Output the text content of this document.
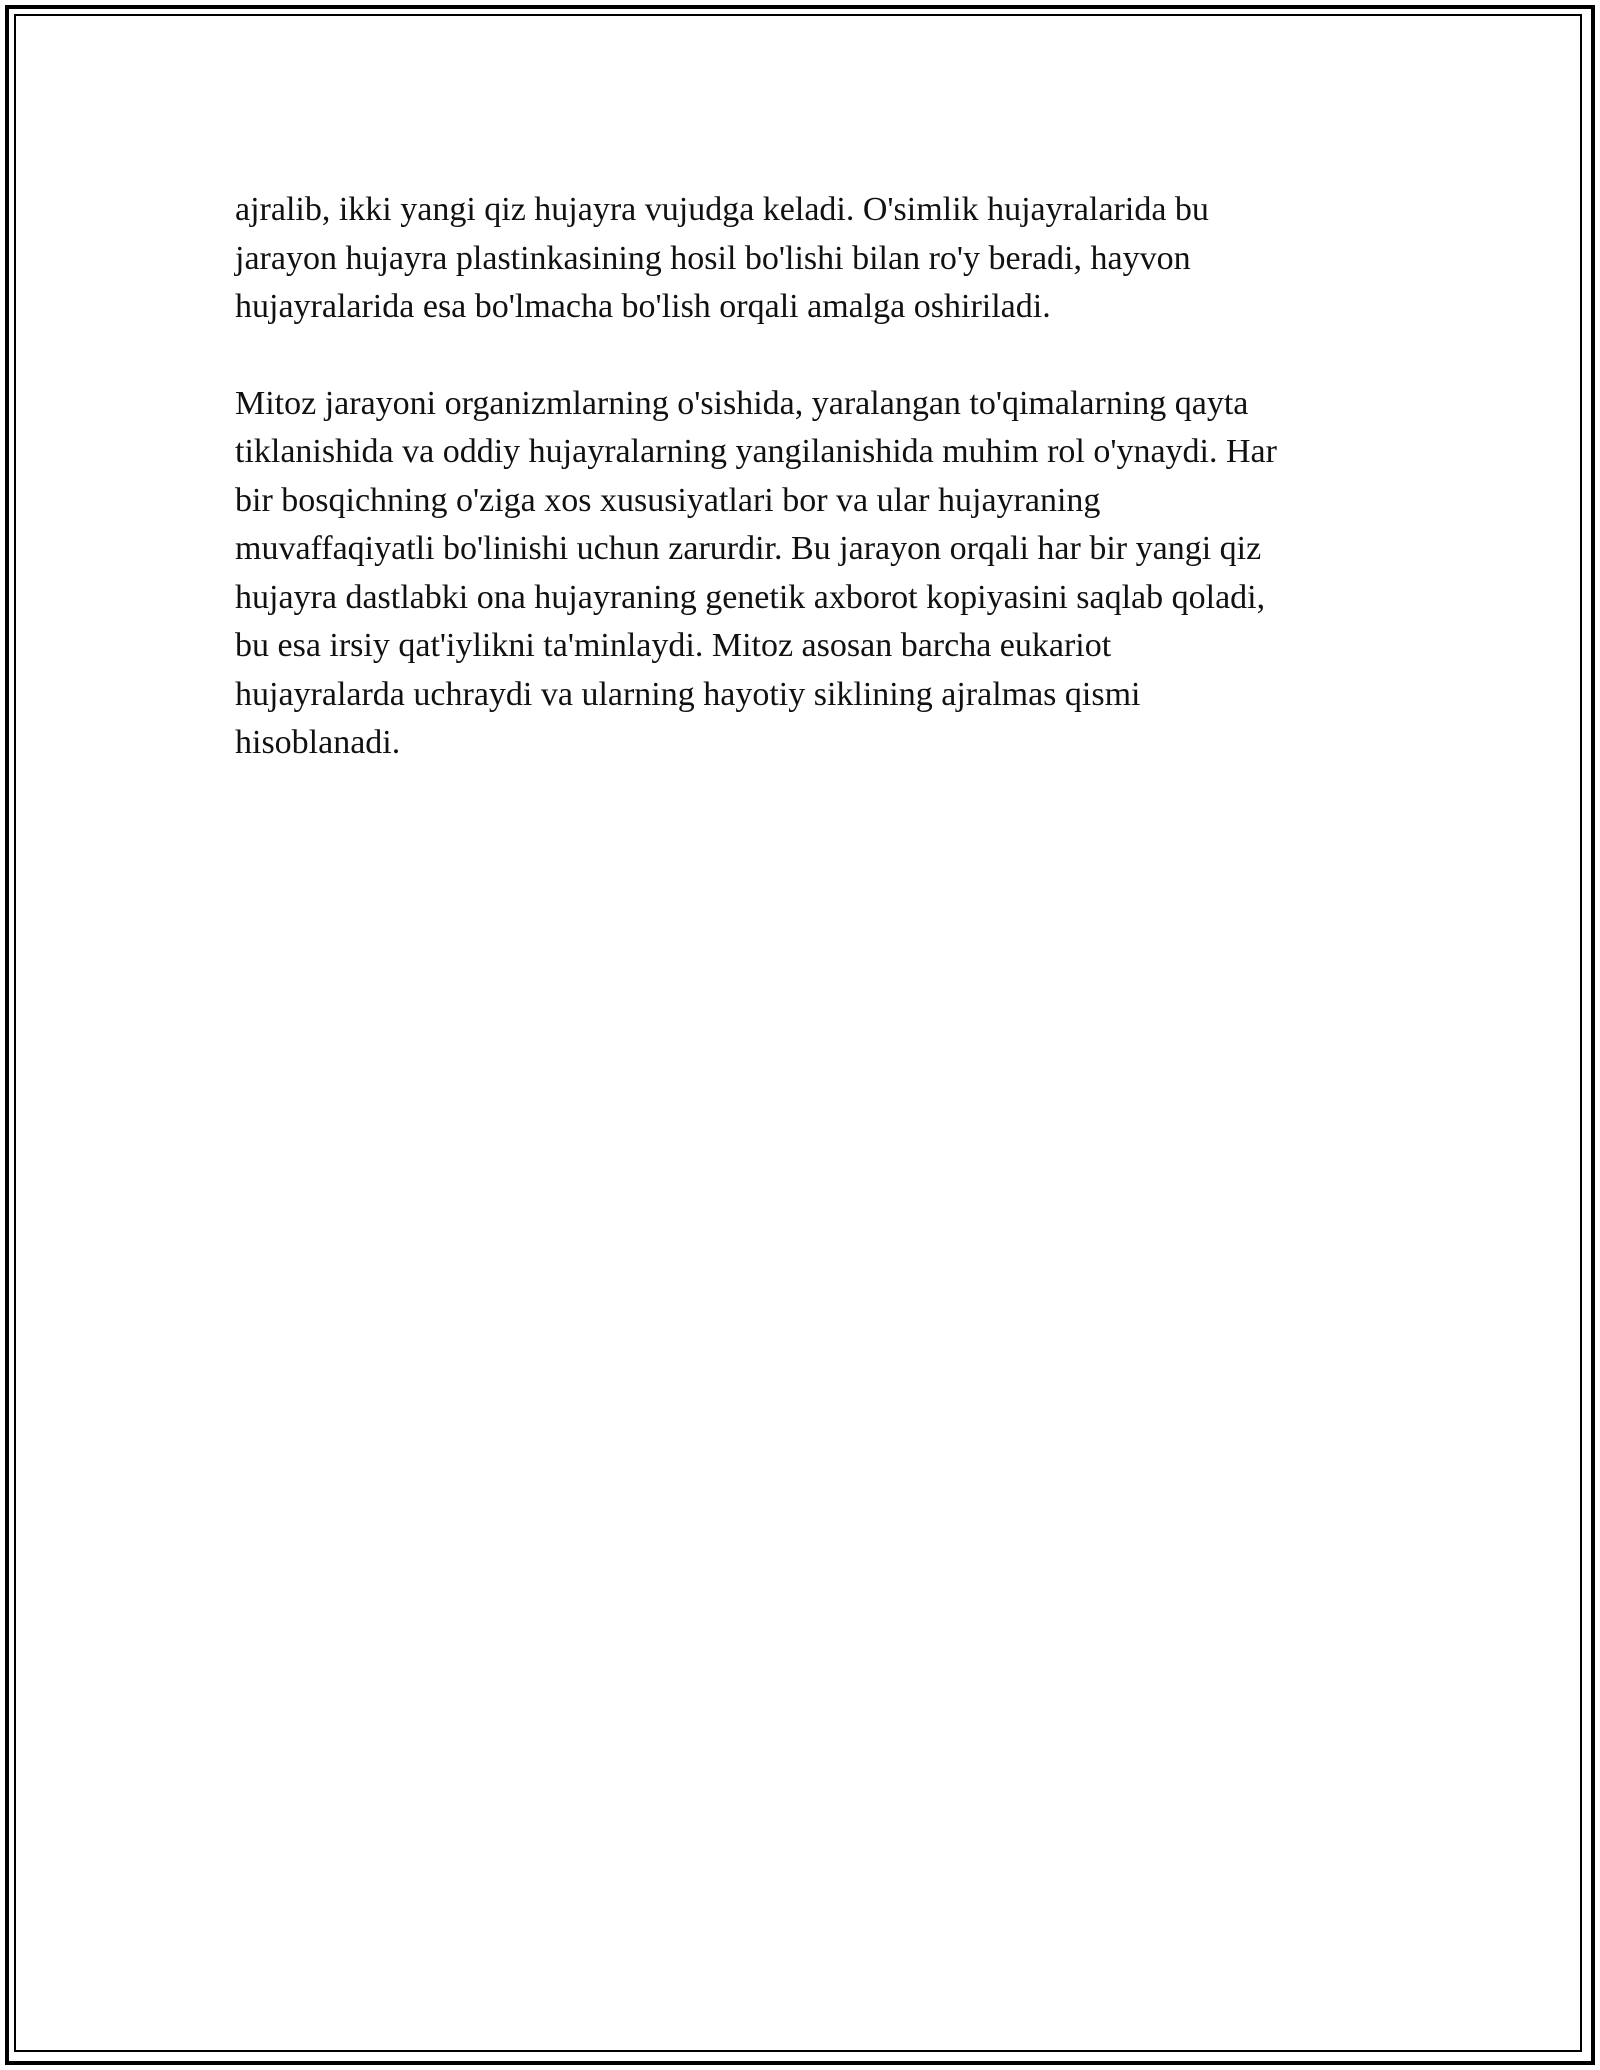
ajralib, ikki yangi qiz hujayra vujudga keladi. O'simlik hujayralarida bu
jarayon hujayra plastinkasining hosil bo'lishi bilan ro'y beradi, hayvon
hujayralarida esa bo'lmacha bo'lish orqali amalga oshiriladi.

Mitoz jarayoni organizmlarning o'sishida, yaralangan to'qimalarning qayta
tiklanishida va oddiy hujayralarning yangilanishida muhim rol o'ynaydi. Har
bir bosqichning o'ziga xos xususiyatlari bor va ular hujayraning
muvaffaqiyatli bo'linishi uchun zarurdir. Bu jarayon orqali har bir yangi qiz
hujayra dastlabki ona hujayraning genetik axborot kopiyasini saqlab qoladi,
bu esa irsiy qat'iylikni ta'minlaydi. Mitoz asosan barcha eukariot
hujayralarda uchraydi va ularning hayotiy siklining ajralmas qismi
hisoblanadi.
